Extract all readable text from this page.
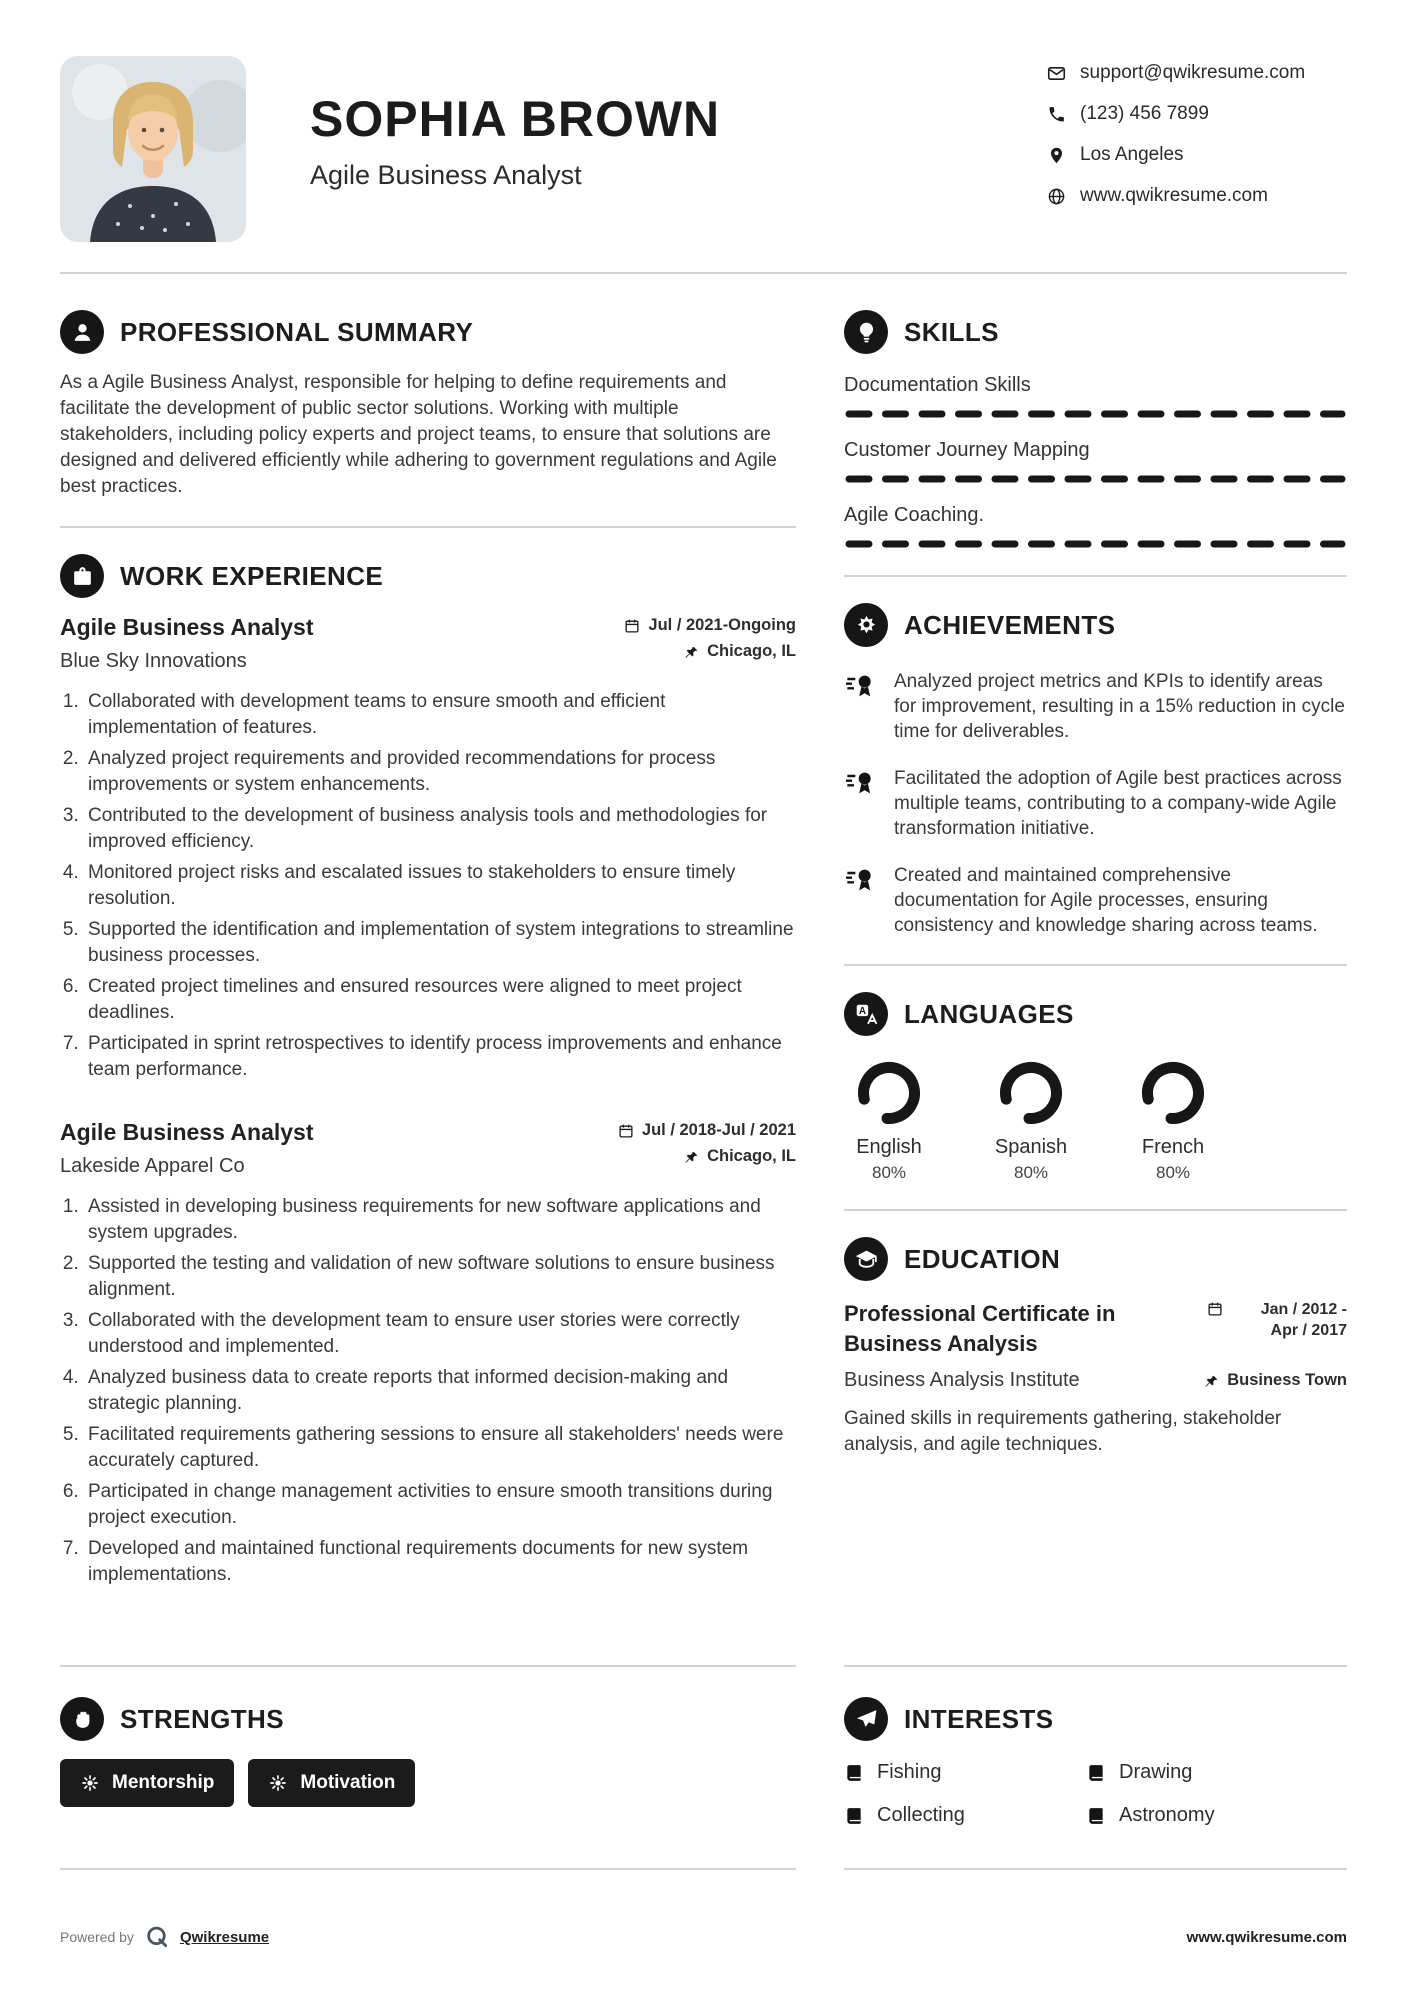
SOPHIA BROWN
Agile Business Analyst
support@qwikresume.com
(123) 456 7899
Los Angeles
www.qwikresume.com
PROFESSIONAL SUMMARY

As a Agile Business Analyst, responsible for helping to define requirements and facilitate the development of public sector solutions. Working with multiple stakeholders, including policy experts and project teams, to ensure that solutions are designed and delivered efficiently while adhering to government regulations and Agile best practices.

WORK EXPERIENCE
Agile Business Analyst
Blue Sky Innovations
Jul / 2021-Ongoing
Chicago, IL
1. Collaborated with development teams to ensure smooth and efficient implementation of features.
2. Analyzed project requirements and provided recommendations for process improvements or system enhancements.
3. Contributed to the development of business analysis tools and methodologies for improved efficiency.
4. Monitored project risks and escalated issues to stakeholders to ensure timely resolution.
5. Supported the identification and implementation of system integrations to streamline business processes.
6. Created project timelines and ensured resources were aligned to meet project deadlines.
7. Participated in sprint retrospectives to identify process improvements and enhance team performance.
Agile Business Analyst
Lakeside Apparel Co
Jul / 2018-Jul / 2021
Chicago, IL
1. Assisted in developing business requirements for new software applications and system upgrades.
2. Supported the testing and validation of new software solutions to ensure business alignment.
3. Collaborated with the development team to ensure user stories were correctly understood and implemented.
4. Analyzed business data to create reports that informed decision-making and strategic planning.
5. Facilitated requirements gathering sessions to ensure all stakeholders' needs were accurately captured.
6. Participated in change management activities to ensure smooth transitions during project execution.
7. Developed and maintained functional requirements documents for new system implementations.
STRENGTHS
Mentorship	Motivation
SKILLS
Documentation Skills
Customer Journey Mapping
Agile Coaching.
ACHIEVEMENTS
Analyzed project metrics and KPIs to identify areas for improvement, resulting in a 15% reduction in cycle time for deliverables.
Facilitated the adoption of Agile best practices across multiple teams, contributing to a company-wide Agile transformation initiative.
Created and maintained comprehensive documentation for Agile processes, ensuring consistency and knowledge sharing across teams.
LANGUAGES
English
80%
Spanish
80%
French
80%
EDUCATION
Professional Certificate in Business Analysis
Jan / 2012 - Apr / 2017
Business Analysis Institute	Business Town

Gained skills in requirements gathering, stakeholder analysis, and agile techniques.

INTERESTS
Fishing	Drawing
Collecting	Astronomy
Powered by	Qwikresume	www.qwikresume.com
